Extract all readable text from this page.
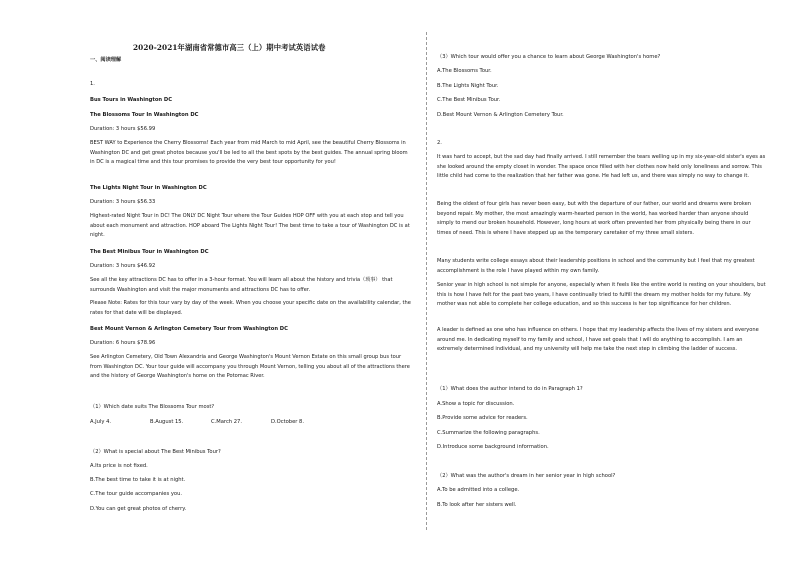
2020-2021年湖南省常德市高三（上）期中考试英语试卷
一、阅读理解
1.
Bus Tours in Washington DC
The Blossoms Tour In Washington DC
Duration: 3 hours $56.99
BEST WAY to Experience the Cherry Blossoms! Each year from mid March to mid April, see the beautiful Cherry Blossoms in Washington DC and get great photos because you'll be led to all the best spots by the best guides. The annual spring bloom in DC is a magical time and this tour promises to provide the very best tour opportunity for you!
The Lights Night Tour in Washington DC
Duration: 3 hours $56.33
Highest-rated Night Tour in DC! The ONLY DC Night Tour where the Tour Guides HOP OFF with you at each stop and tell you about each monument and attraction. HOP aboard The Lights Night Tour! The best time to take a tour of Washington DC is at night.
The Best Minibus Tour in Washington DC
Duration: 3 hours $46.92
See all the key attractions DC has to offer in a 3-hour format. You will learn all about the history and trivia（琐事） that surrounds Washington and visit the major monuments and attractions DC has to offer.
Please Note: Rates for this tour vary by day of the week. When you choose your specific date on the availability calendar, the rates for that date will be displayed.
Best Mount Vernon & Arlington Cemetery Tour from Washington DC
Duration: 6 hours $78.96
See Arlington Cemetery, Old Town Alexandria and George Washington's Mount Vernon Estate on this small group bus tour from Washington DC. Your tour guide will accompany you through Mount Vernon, telling you about all of the attractions there and the history of George Washington's home on the Potomac River.
（1）Which date suits The Blossoms Tour most?
A.July 4.	B.August 15.	C.March 27.	D.October 8.
（2）What is special about The Best Minibus Tour?
A.Its price is not fixed.
B.The best time to take it is at night.
C.The tour guide accompanies you.
D.You can get great photos of cherry.
（3）Which tour would offer you a chance to learn about George Washington's home?
A.The Blossoms Tour.
B.The Lights Night Tour.
C.The Best Minibus Tour.
D.Best Mount Vernon & Arlington Cemetery Tour.
2.
It was hard to accept, but the sad day had finally arrived. I still remember the tears welling up in my six-year-old sister's eyes as she looked around the empty closet in wonder. The space once filled with her clothes now held only loneliness and sorrow. This little child had come to the realization that her father was gone. He had left us, and there was simply no way to change it.
Being the oldest of four girls has never been easy, but with the departure of our father, our world and dreams were broken beyond repair. My mother, the most amazingly warm-hearted person in the world, has worked harder than anyone should simply to mend our broken household. However, long hours at work often prevented her from physically being there in our times of need. This is where I have stepped up as the temporary caretaker of my three small sisters.
Many students write college essays about their leadership positions in school and the community but I feel that my greatest accomplishment is the role I have played within my own family.
Senior year in high school is not simple for anyone, especially when it feels like the entire world is resting on your shoulders, but this is how I have felt for the past two years, I have continually tried to fulfill the dream my mother holds for my future. My mother was not able to complete her college education, and so this success is her top significance for her children.
A leader is defined as one who has influence on others. I hope that my leadership affects the lives of my sisters and everyone around me. In dedicating myself to my family and school, I have set goals that I will do anything to accomplish. I am an extremely determined individual, and my university will help me take the next step in climbing the ladder of success.
（1）What does the author intend to do in Paragraph 1?
A.Show a topic for discussion.
B.Provide some advice for readers.
C.Summarize the following paragraphs.
D.Introduce some background information.
（2）What was the author's dream in her senior year in high school?
A.To be admitted into a college.
B.To look after her sisters well.
